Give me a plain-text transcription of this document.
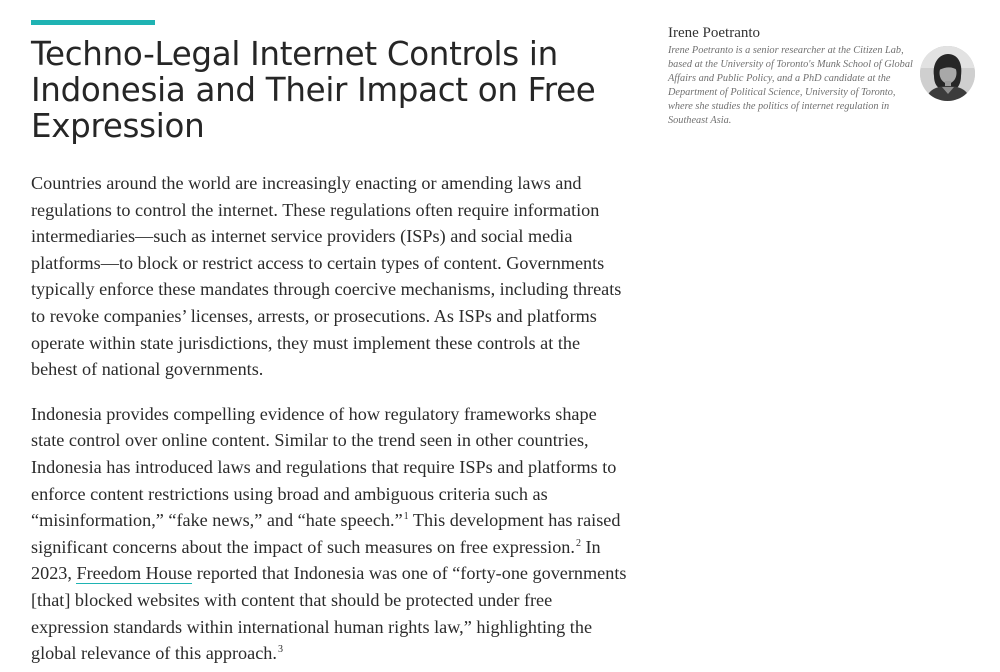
Techno-Legal Internet Controls in Indonesia and Their Impact on Free Expression

Countries around the world are increasingly enacting or amending laws and regulations to control the internet. These regulations often require information intermediaries—such as internet service providers (ISPs) and social media platforms—to block or restrict access to certain types of content. Governments typically enforce these mandates through coercive mechanisms, including threats to revoke companies’ licenses, arrests, or prosecutions. As ISPs and platforms operate within state jurisdictions, they must implement these controls at the behest of national governments.

Indonesia provides compelling evidence of how regulatory frameworks shape state control over online content. Similar to the trend seen in other countries, Indonesia has introduced laws and regulations that require ISPs and platforms to enforce content restrictions using broad and ambiguous criteria such as “misinformation,” “fake news,” and “hate speech.”$^1$ This development has raised significant concerns about the impact of such measures on free expression.$^2$ In 2023, Freedom House reported that Indonesia was one of “forty-one governments [that] blocked websites with content that should be protected under free expression standards within international human rights law,” highlighting the global relevance of this approach.$^3$

Irene Poetranto

Irene Poetranto is a senior researcher at the Citizen Lab, based at the University of Toronto's Munk School of Global Affairs and Public Policy, and a PhD candidate at the Department of Political Science, University of Toronto, where she studies the politics of internet regulation in Southeast Asia.
